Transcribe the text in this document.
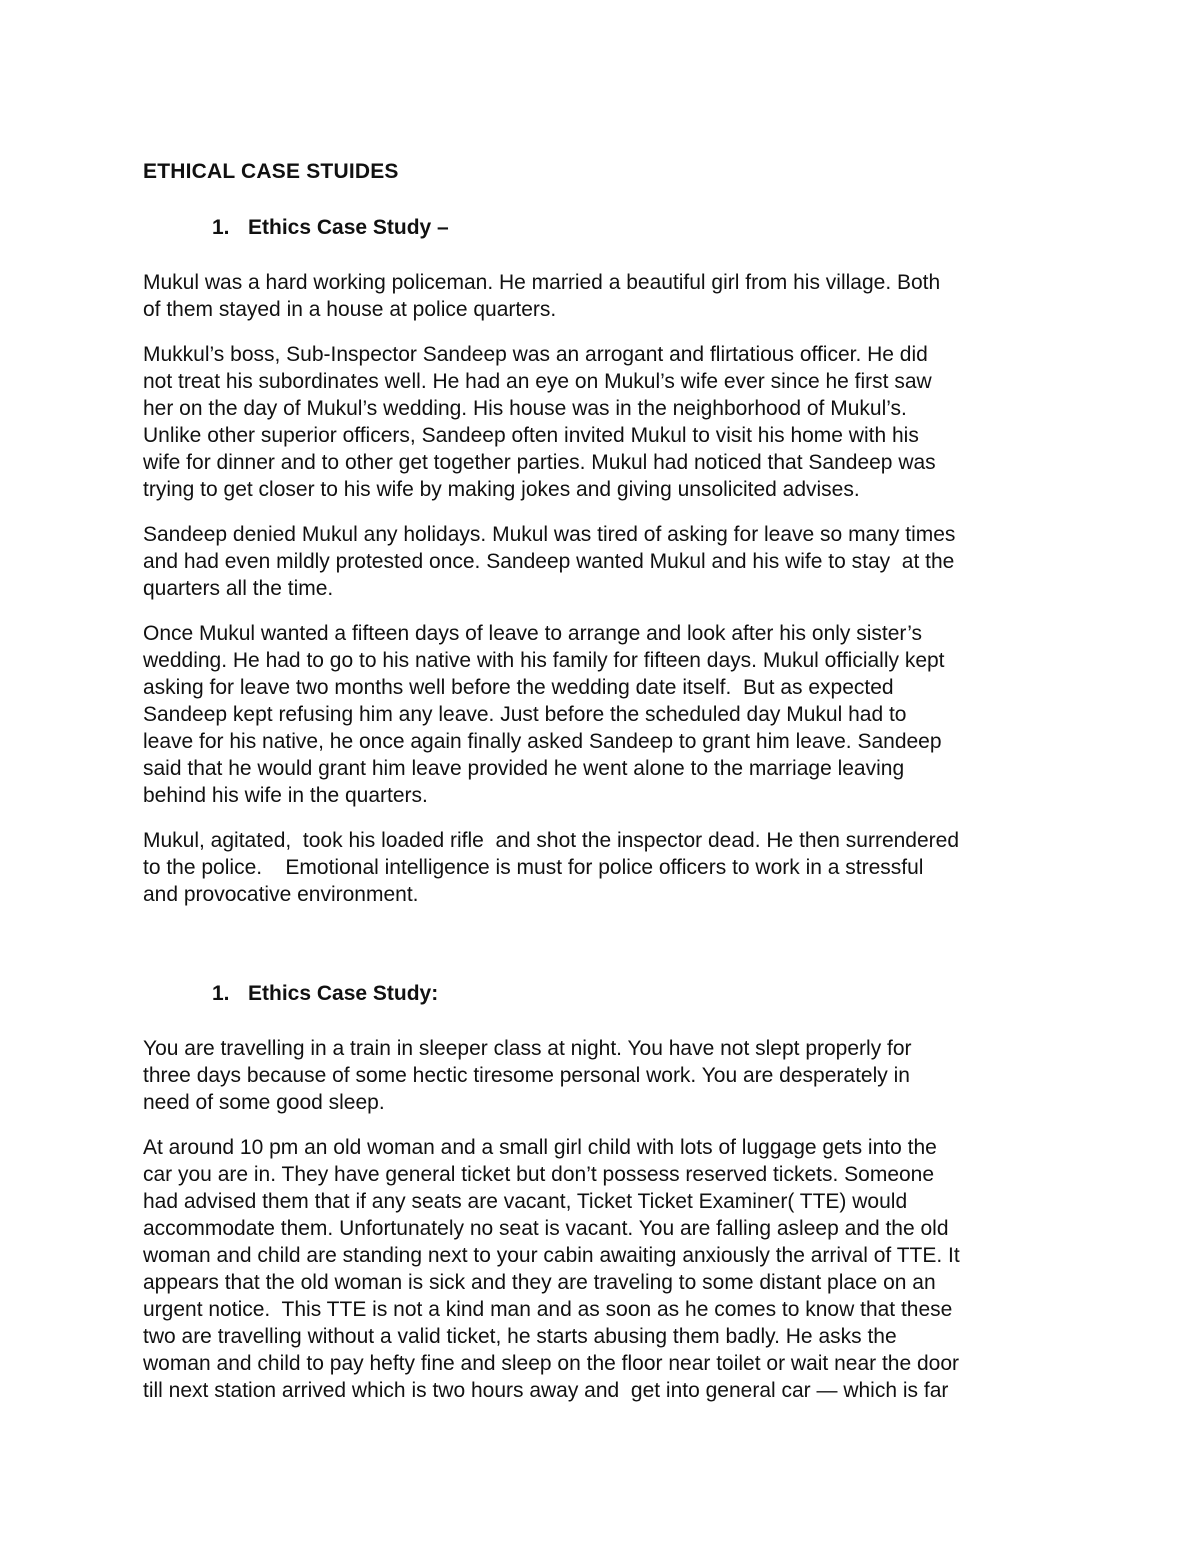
ETHICAL CASE STUIDES
1. Ethics Case Study –
Mukul was a hard working policeman. He married a beautiful girl from his village. Both
of them stayed in a house at police quarters.
Mukkul’s boss, Sub-Inspector Sandeep was an arrogant and flirtatious officer. He did
not treat his subordinates well. He had an eye on Mukul’s wife ever since he first saw
her on the day of Mukul’s wedding. His house was in the neighborhood of Mukul’s.
Unlike other superior officers, Sandeep often invited Mukul to visit his home with his
wife for dinner and to other get together parties. Mukul had noticed that Sandeep was
trying to get closer to his wife by making jokes and giving unsolicited advises.
Sandeep denied Mukul any holidays. Mukul was tired of asking for leave so many times
and had even mildly protested once. Sandeep wanted Mukul and his wife to stay  at the
quarters all the time.
Once Mukul wanted a fifteen days of leave to arrange and look after his only sister’s
wedding. He had to go to his native with his family for fifteen days. Mukul officially kept
asking for leave two months well before the wedding date itself.  But as expected
Sandeep kept refusing him any leave. Just before the scheduled day Mukul had to
leave for his native, he once again finally asked Sandeep to grant him leave. Sandeep
said that he would grant him leave provided he went alone to the marriage leaving
behind his wife in the quarters.
Mukul, agitated,  took his loaded rifle  and shot the inspector dead. He then surrendered
to the police.    Emotional intelligence is must for police officers to work in a stressful
and provocative environment.
1. Ethics Case Study:
You are travelling in a train in sleeper class at night. You have not slept properly for
three days because of some hectic tiresome personal work. You are desperately in
need of some good sleep.
At around 10 pm an old woman and a small girl child with lots of luggage gets into the
car you are in. They have general ticket but don’t possess reserved tickets. Someone
had advised them that if any seats are vacant, Ticket Ticket Examiner( TTE) would
accommodate them. Unfortunately no seat is vacant. You are falling asleep and the old
woman and child are standing next to your cabin awaiting anxiously the arrival of TTE. It
appears that the old woman is sick and they are traveling to some distant place on an
urgent notice.  This TTE is not a kind man and as soon as he comes to know that these
two are travelling without a valid ticket, he starts abusing them badly. He asks the
woman and child to pay hefty fine and sleep on the floor near toilet or wait near the door
till next station arrived which is two hours away and  get into general car — which is far
